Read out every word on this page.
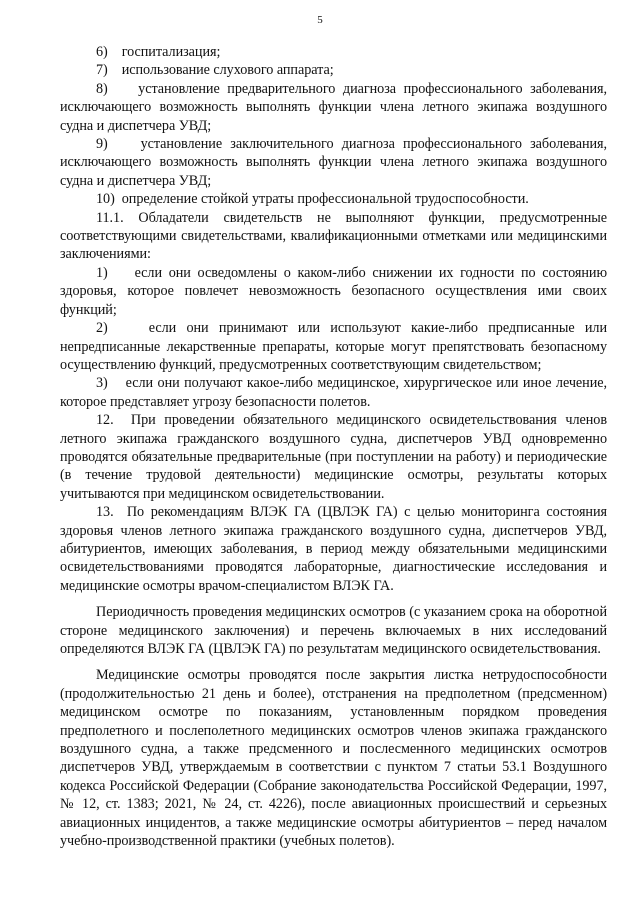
5

6)    госпитализация;

7)    использование слухового аппарата;

8)    установление предварительного диагноза профессионального заболевания, исключающего возможность выполнять функции члена летного экипажа воздушного судна и диспетчера УВД;

9)    установление заключительного диагноза профессионального заболевания, исключающего возможность выполнять функции члена летного экипажа воздушного судна и диспетчера УВД;

10)  определение стойкой утраты профессиональной трудоспособности.

11.1. Обладатели свидетельств не выполняют функции, предусмотренные соответствующими свидетельствами, квалификационными отметками или медицинскими заключениями:

1)    если они осведомлены о каком-либо снижении их годности по состоянию здоровья, которое повлечет невозможность безопасного осуществления ими своих функций;

2)    если они принимают или используют какие-либо предписанные или непредписанные лекарственные препараты, которые могут препятствовать безопасному осуществлению функций, предусмотренных соответствующим свидетельством;

3)    если они получают какое-либо медицинское, хирургическое или иное лечение, которое представляет угрозу безопасности полетов.

12.  При проведении обязательного медицинского освидетельствования членов летного экипажа гражданского воздушного судна, диспетчеров УВД одновременно проводятся обязательные предварительные (при поступлении на работу) и периодические (в течение трудовой деятельности) медицинские осмотры, результаты которых учитываются при медицинском освидетельствовании.

13.  По рекомендациям ВЛЭК ГА (ЦВЛЭК ГА) с целью мониторинга состояния здоровья членов летного экипажа гражданского воздушного судна, диспетчеров УВД, абитуриентов, имеющих заболевания, в период между обязательными медицинскими освидетельствованиями проводятся лабораторные, диагностические исследования и медицинские осмотры врачом-специалистом ВЛЭК ГА.

Периодичность проведения медицинских осмотров (с указанием срока на оборотной стороне медицинского заключения) и перечень включаемых в них исследований определяются ВЛЭК ГА (ЦВЛЭК ГА) по результатам медицинского освидетельствования.

Медицинские осмотры проводятся после закрытия листка нетрудоспособности (продолжительностью 21 день и более), отстранения на предполетном (предсменном) медицинском осмотре по показаниям, установленным порядком проведения предполетного и послеполетного медицинских осмотров членов экипажа гражданского воздушного судна, а также предсменного и послесменного медицинских осмотров диспетчеров УВД, утверждаемым в соответствии с пунктом 7 статьи 53.1 Воздушного кодекса Российской Федерации (Собрание законодательства Российской Федерации, 1997, № 12, ст. 1383; 2021, № 24, ст. 4226), после авиационных происшествий и серьезных авиационных инцидентов, а также медицинские осмотры абитуриентов – перед началом учебно-производственной практики (учебных полетов).
